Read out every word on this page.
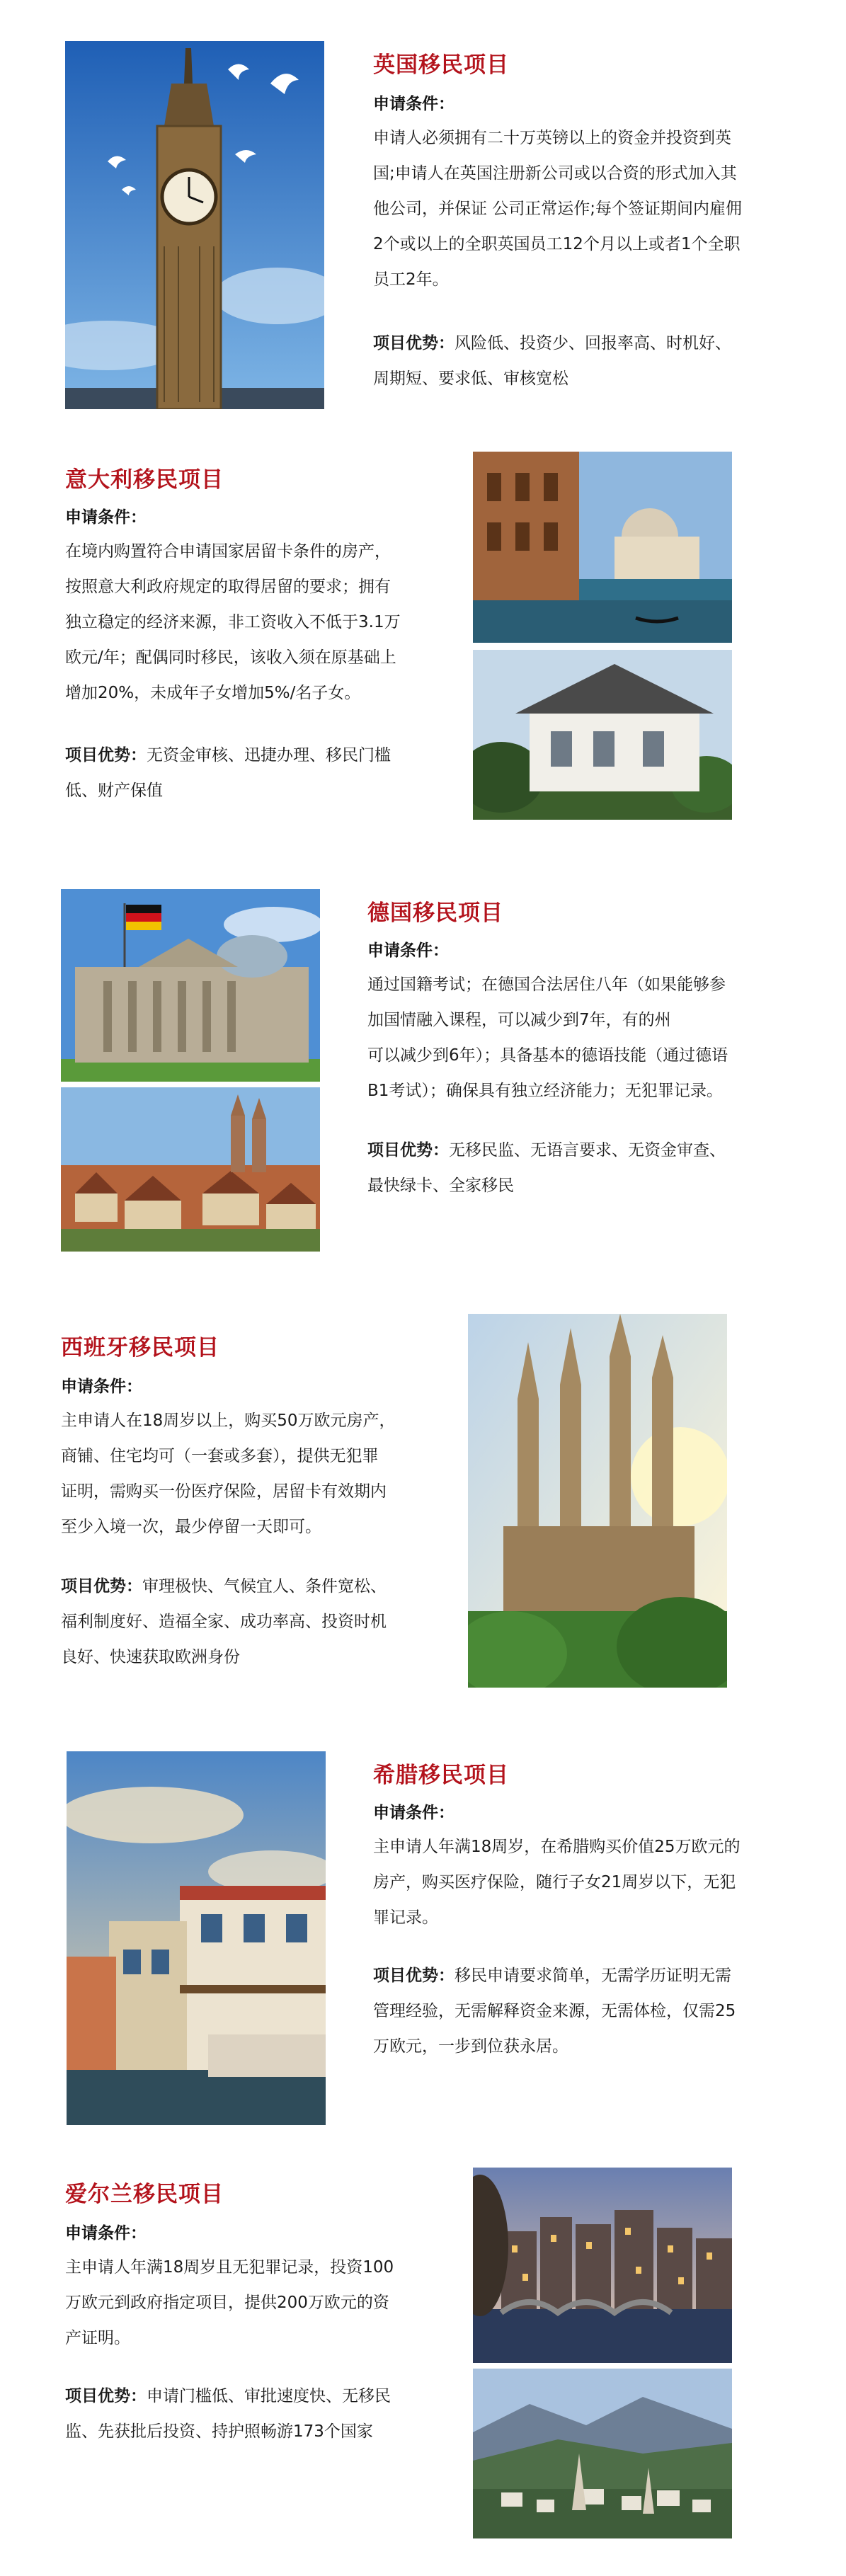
英国移民项目
申请条件：
申请人必须拥有二十万英镑以上的资金并投资到英
国;申请人在英国注册新公司或以合资的形式加入其
他公司，并保证 公司正常运作;每个签证期间内雇佣
2个或以上的全职英国员工12个月以上或者1个全职
员工2年。
项目优势：风险低、投资少、回报率高、时机好、
周期短、要求低、审核宽松
意大利移民项目
申请条件：
在境内购置符合申请国家居留卡条件的房产，
按照意大利政府规定的取得居留的要求；拥有
独立稳定的经济来源，非工资收入不低于3.1万
欧元/年；配偶同时移民，该收入须在原基础上
增加20%，未成年子女增加5%/名子女。
项目优势：无资金审核、迅捷办理、移民门槛
低、财产保值
德国移民项目
申请条件：
通过国籍考试；在德国合法居住八年（如果能够参
加国情融入课程，可以减少到7年，有的州
可以减少到6年）；具备基本的德语技能（通过德语
B1考试）；确保具有独立经济能力；无犯罪记录。
项目优势：无移民监、无语言要求、无资金审查、
最快绿卡、全家移民
西班牙移民项目
申请条件：
主申请人在18周岁以上，购买50万欧元房产，
商铺、住宅均可（一套或多套），提供无犯罪
证明，需购买一份医疗保险，居留卡有效期内
至少入境一次，最少停留一天即可。
项目优势：审理极快、气候宜人、条件宽松、
福利制度好、造福全家、成功率高、投资时机
良好、快速获取欧洲身份
希腊移民项目
申请条件：
主申请人年满18周岁，在希腊购买价值25万欧元的
房产，购买医疗保险，随行子女21周岁以下，无犯
罪记录。
项目优势：移民申请要求简单，无需学历证明无需
管理经验，无需解释资金来源，无需体检，仅需25
万欧元，一步到位获永居。
爱尔兰移民项目
申请条件：
主申请人年满18周岁且无犯罪记录，投资100
万欧元到政府指定项目，提供200万欧元的资
产证明。
项目优势：申请门槛低、审批速度快、无移民
监、先获批后投资、持护照畅游173个国家
